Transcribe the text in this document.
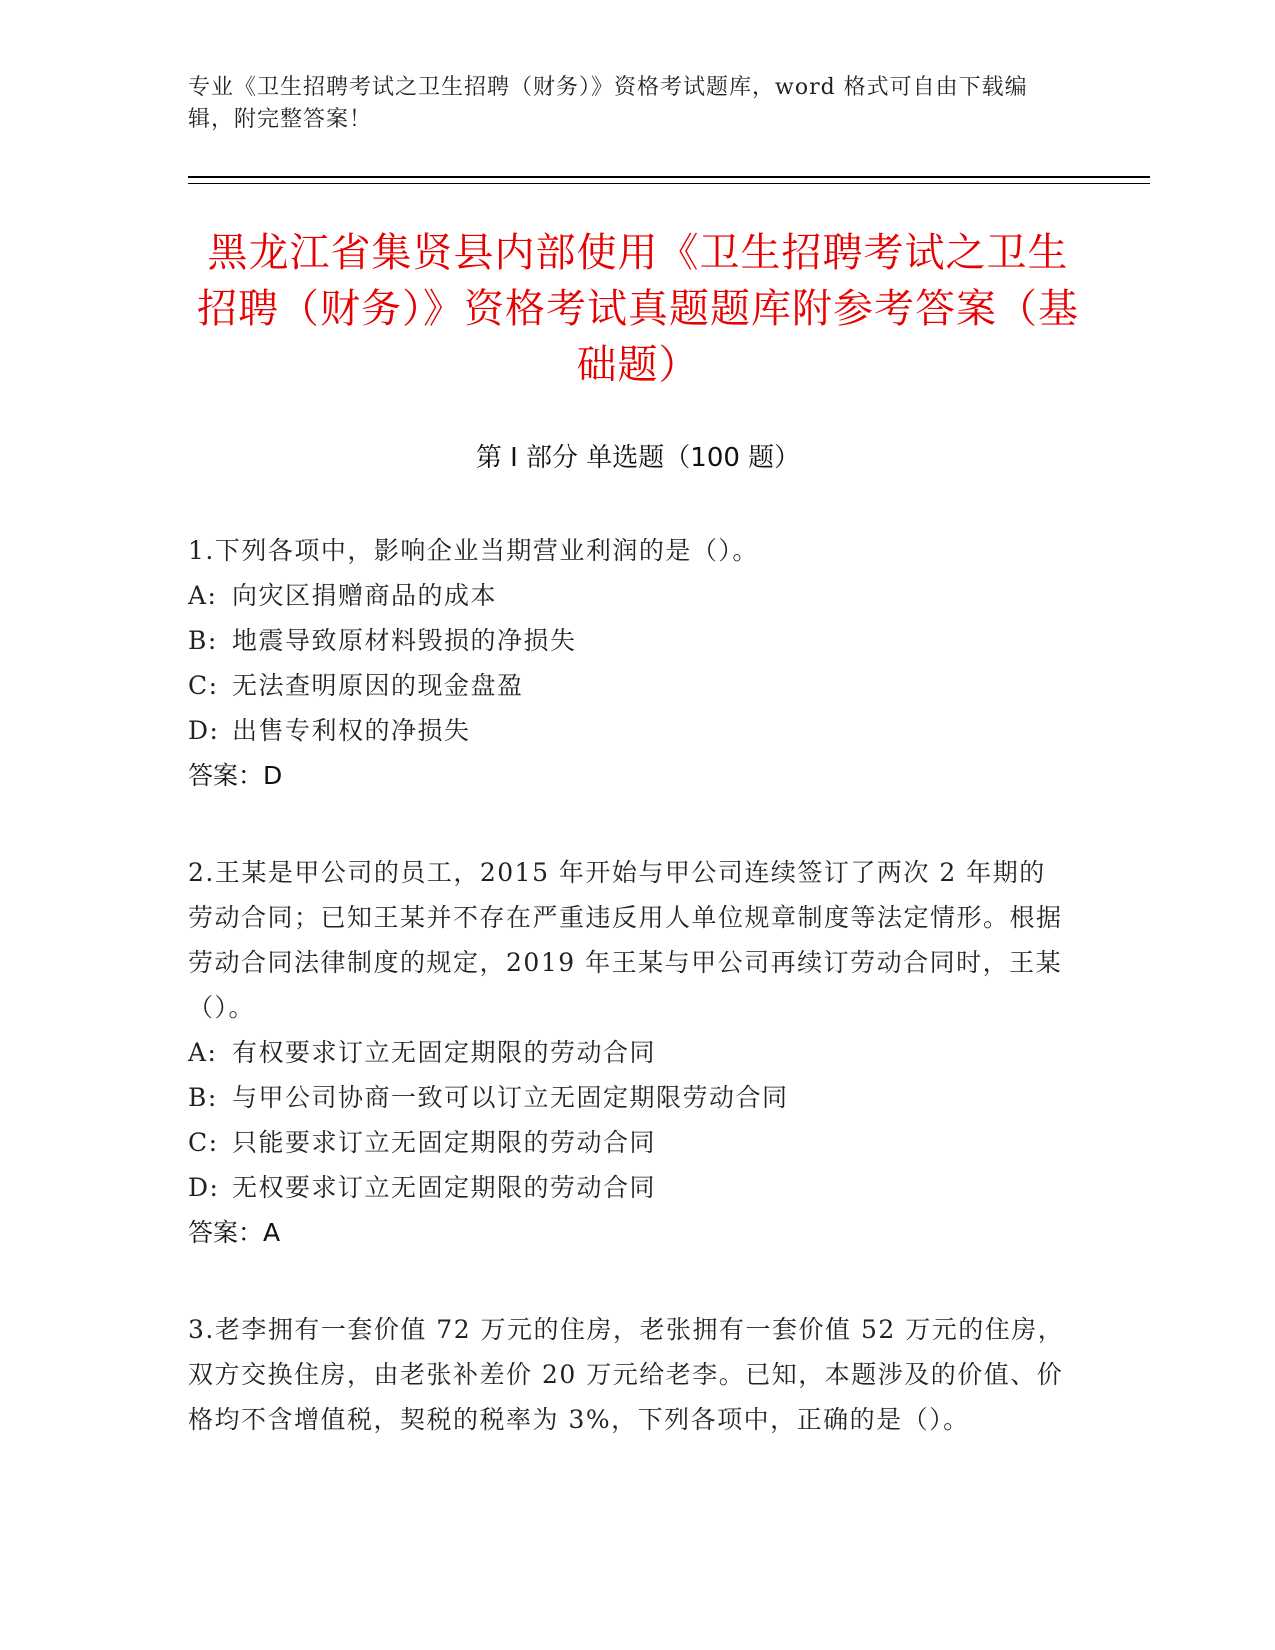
专业《卫生招聘考试之卫生招聘（财务）》资格考试题库，word 格式可自由下载编辑，附完整答案！
黑龙江省集贤县内部使用《卫生招聘考试之卫生招聘（财务）》资格考试真题题库附参考答案（基础题）
第 I 部分 单选题（100 题）
1.下列各项中，影响企业当期营业利润的是（）。
A: 向灾区捐赠商品的成本
B: 地震导致原材料毁损的净损失
C: 无法查明原因的现金盘盈
D: 出售专利权的净损失
答案：D
2.王某是甲公司的员工，2015 年开始与甲公司连续签订了两次 2 年期的劳动合同；已知王某并不存在严重违反用人单位规章制度等法定情形。根据劳动合同法律制度的规定，2019 年王某与甲公司再续订劳动合同时，王某（）。
A: 有权要求订立无固定期限的劳动合同
B: 与甲公司协商一致可以订立无固定期限劳动合同
C: 只能要求订立无固定期限的劳动合同
D: 无权要求订立无固定期限的劳动合同
答案：A
3.老李拥有一套价值 72 万元的住房，老张拥有一套价值 52 万元的住房，双方交换住房，由老张补差价 20 万元给老李。已知，本题涉及的价值、价格均不含增值税，契税的税率为 3%，下列各项中，正确的是（）。
